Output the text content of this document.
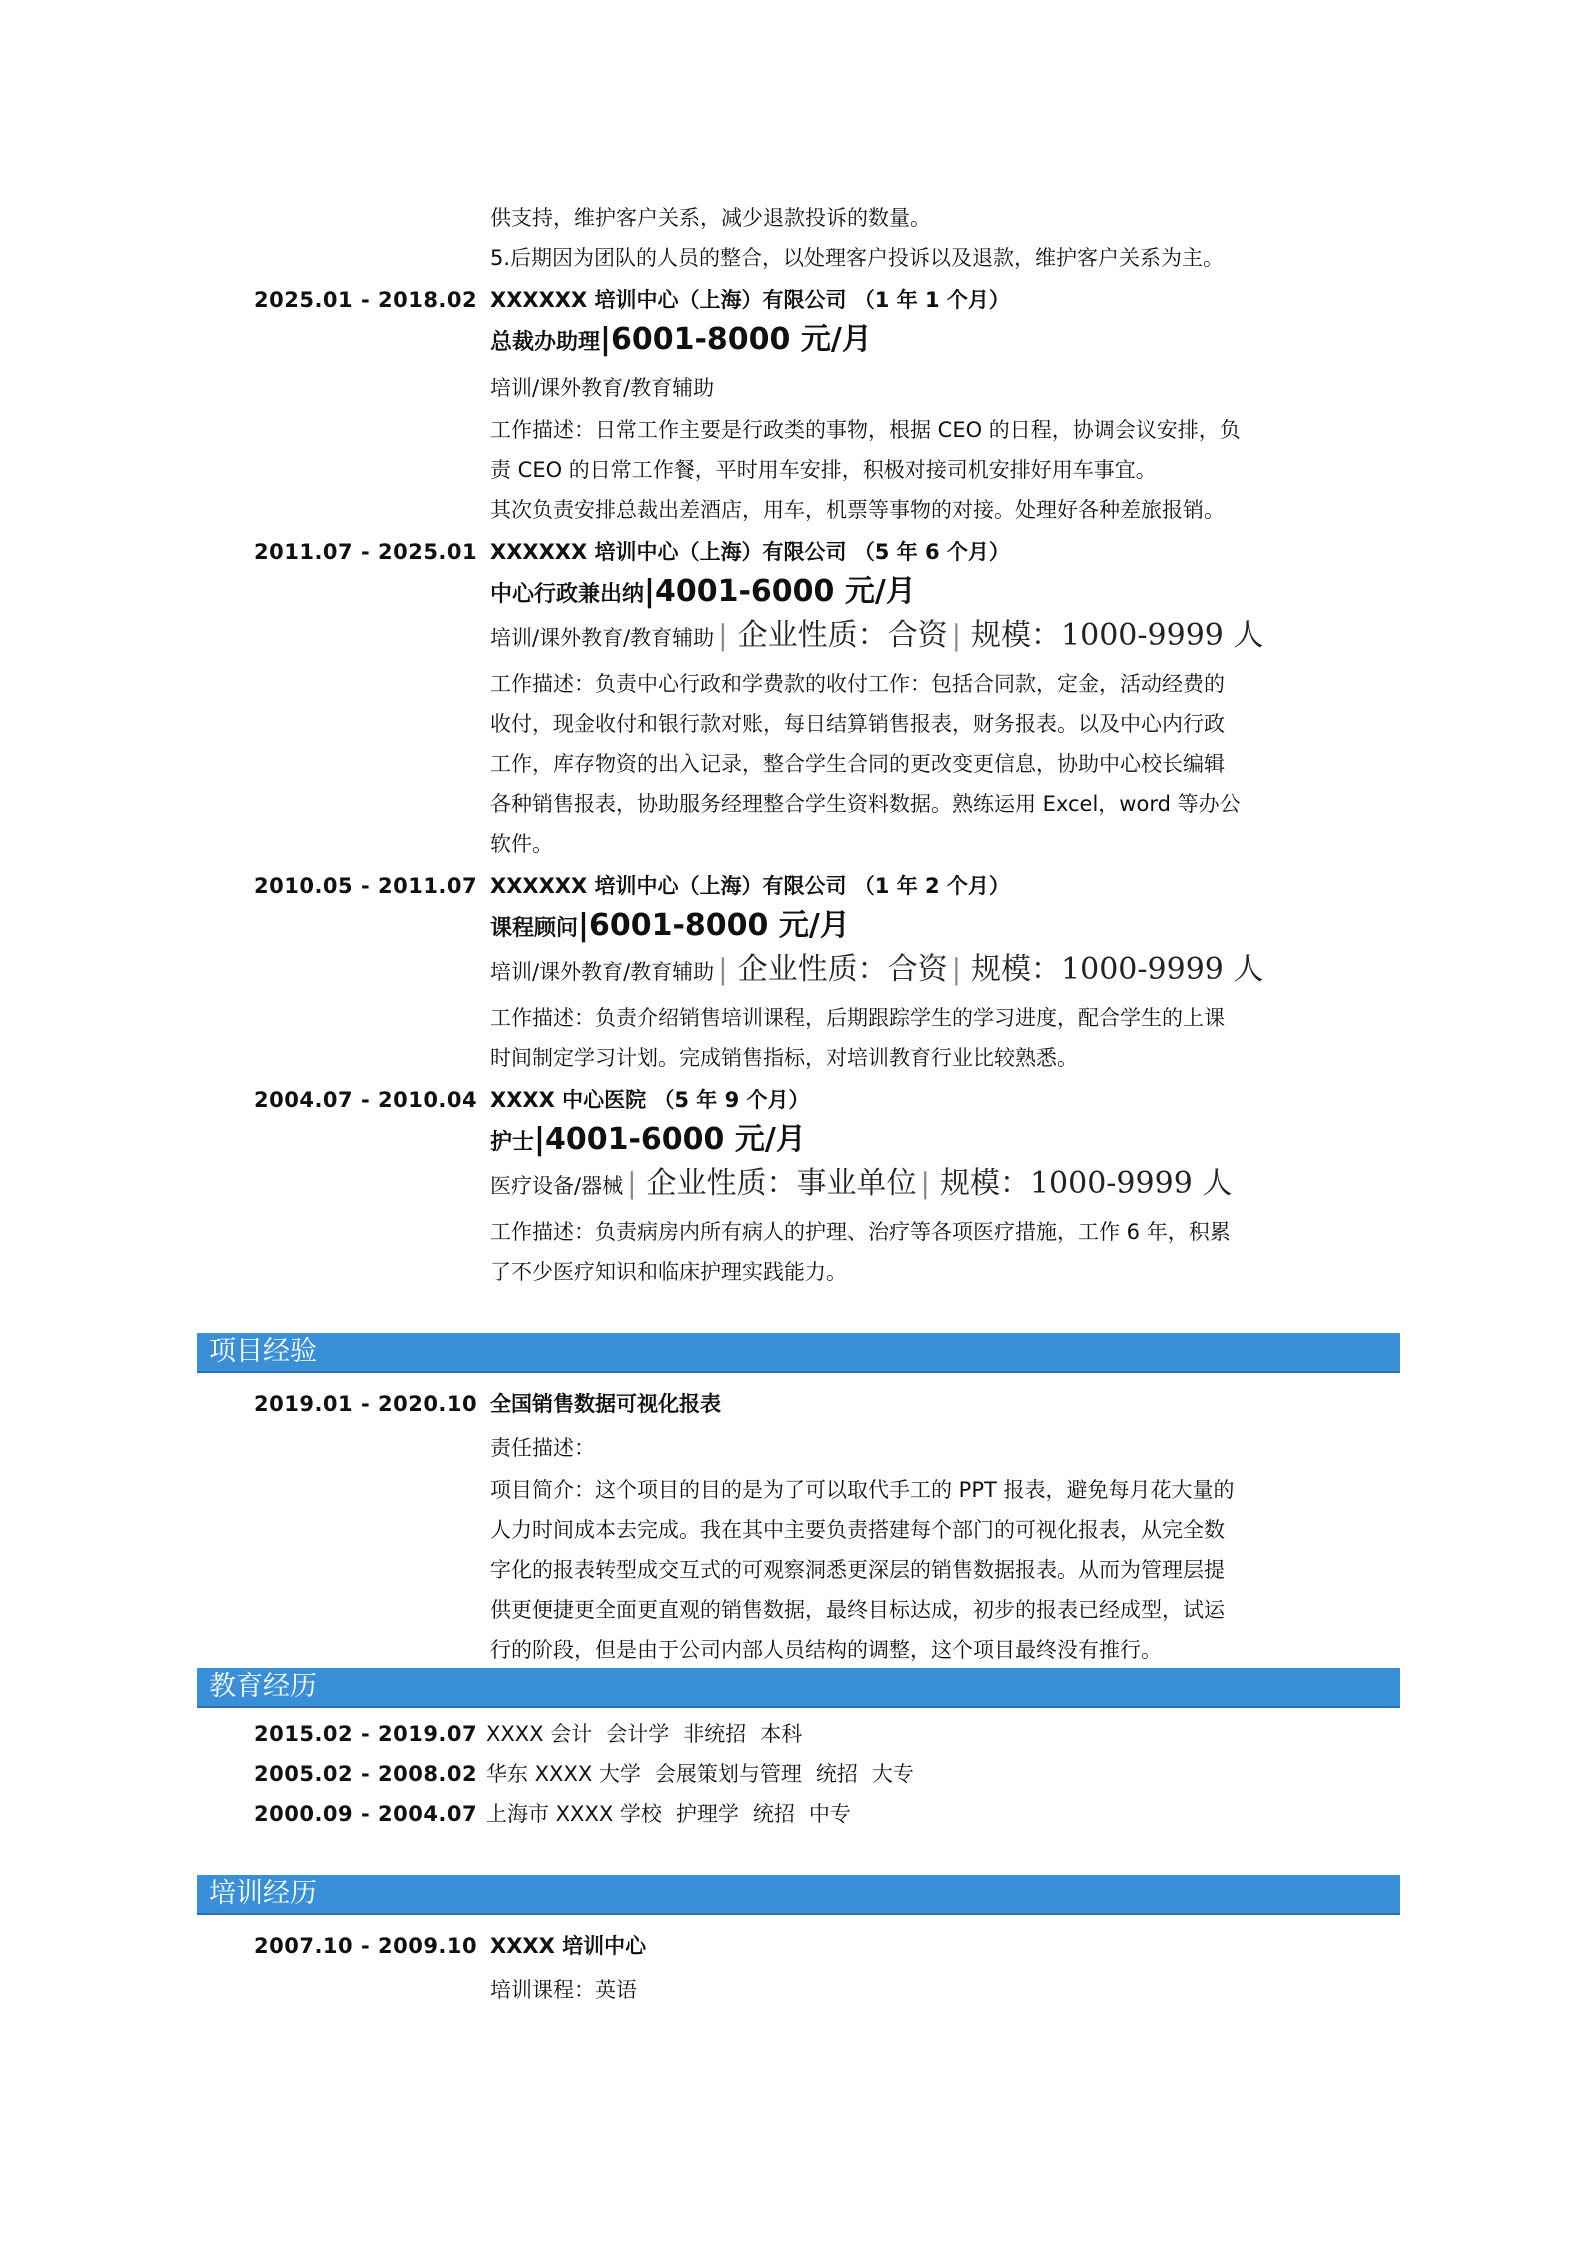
供支持，维护客户关系，减少退款投诉的数量。
5.后期因为团队的人员的整合，以处理客户投诉以及退款，维护客户关系为主。
2025.01 - 2018.02 XXXXXX 培训中心（上海）有限公司 （1 年 1 个月）
总裁办助理|6001-8000 元/月
培训/课外教育/教育辅助
工作描述：日常工作主要是行政类的事物，根据 CEO 的日程，协调会议安排，负
责 CEO 的日常工作餐，平时用车安排，积极对接司机安排好用车事宜。
其次负责安排总裁出差酒店，用车，机票等事物的对接。处理好各种差旅报销。
2011.07 - 2025.01 XXXXXX 培训中心（上海）有限公司 （5 年 6 个月）
中心行政兼出纳|4001-6000 元/月
培训/课外教育/教育辅助 | 企业性质：合资 | 规模：1000-9999 人
工作描述：负责中心行政和学费款的收付工作：包括合同款，定金，活动经费的
收付，现金收付和银行款对账，每日结算销售报表，财务报表。以及中心内行政
工作，库存物资的出入记录，整合学生合同的更改变更信息，协助中心校长编辑
各种销售报表，协助服务经理整合学生资料数据。熟练运用 Excel，word 等办公
软件。
2010.05 - 2011.07 XXXXXX 培训中心（上海）有限公司 （1 年 2 个月）
课程顾问|6001-8000 元/月
培训/课外教育/教育辅助 | 企业性质：合资 | 规模：1000-9999 人
工作描述：负责介绍销售培训课程，后期跟踪学生的学习进度，配合学生的上课
时间制定学习计划。完成销售指标，对培训教育行业比较熟悉。
2004.07 - 2010.04 XXXX 中心医院 （5 年 9 个月）
护士|4001-6000 元/月
医疗设备/器械 | 企业性质：事业单位 | 规模：1000-9999 人
工作描述：负责病房内所有病人的护理、治疗等各项医疗措施，工作 6 年，积累
了不少医疗知识和临床护理实践能力。
项目经验
2019.01 - 2020.10 全国销售数据可视化报表
责任描述：
项目简介：这个项目的目的是为了可以取代手工的 PPT 报表，避免每月花大量的
人力时间成本去完成。我在其中主要负责搭建每个部门的可视化报表，从完全数
字化的报表转型成交互式的可观察洞悉更深层的销售数据报表。从而为管理层提
供更便捷更全面更直观的销售数据，最终目标达成，初步的报表已经成型，试运
行的阶段，但是由于公司内部人员结构的调整，这个项目最终没有推行。
教育经历
2015.02 - 2019.07 XXXX 会计 会计学 非统招 本科
2005.02 - 2008.02 华东 XXXX 大学 会展策划与管理 统招 大专
2000.09 - 2004.07 上海市 XXXX 学校 护理学 统招 中专
培训经历
2007.10 - 2009.10 XXXX 培训中心
培训课程：英语
